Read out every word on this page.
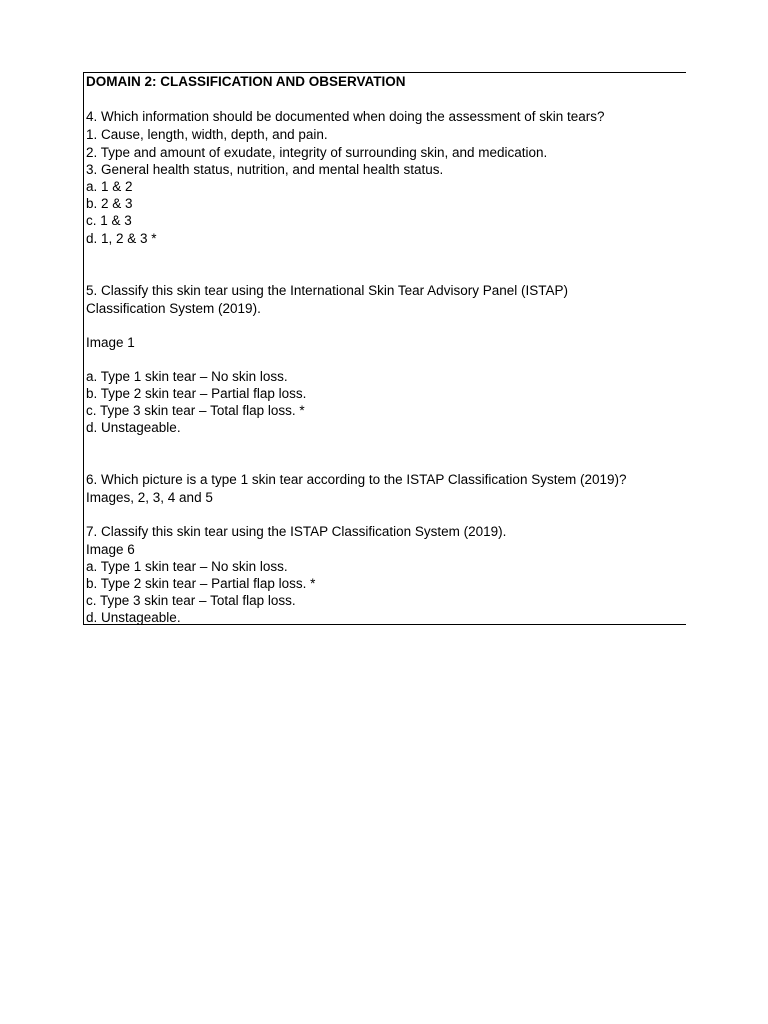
DOMAIN 2: CLASSIFICATION AND OBSERVATION
4. Which information should be documented when doing the assessment of skin tears?
1. Cause, length, width, depth, and pain.
2. Type and amount of exudate, integrity of surrounding skin, and medication.
3. General health status, nutrition, and mental health status.
a. 1 & 2
b. 2 & 3
c. 1 & 3
d. 1, 2 & 3 *
5. Classify this skin tear using the International Skin Tear Advisory Panel (ISTAP)
Classification System (2019).
Image 1
a. Type 1 skin tear – No skin loss.
b. Type 2 skin tear – Partial flap loss.
c. Type 3 skin tear – Total flap loss. *
d. Unstageable.
6. Which picture is a type 1 skin tear according to the ISTAP Classification System (2019)?
Images, 2, 3, 4 and 5
7. Classify this skin tear using the ISTAP Classification System (2019).
Image 6
a. Type 1 skin tear – No skin loss.
b. Type 2 skin tear – Partial flap loss. *
c. Type 3 skin tear – Total flap loss.
d. Unstageable.
